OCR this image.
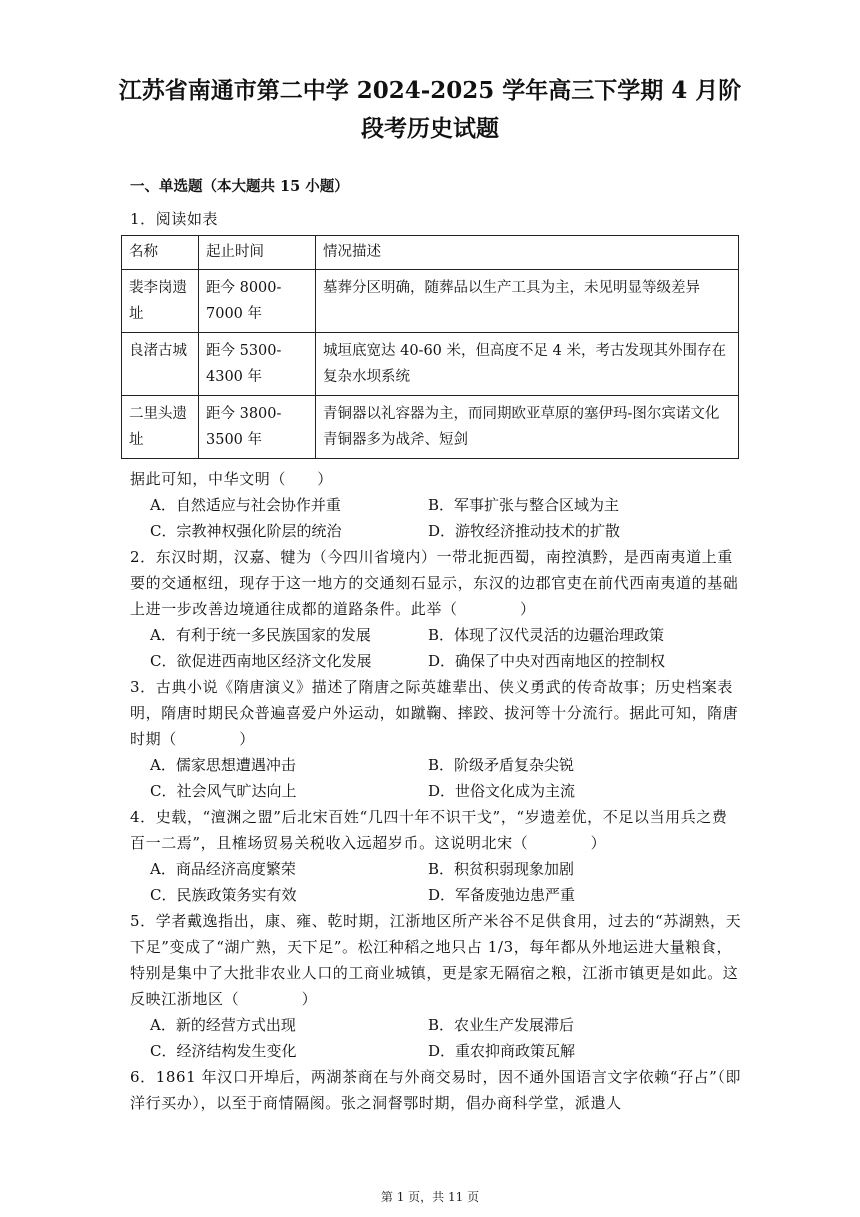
江苏省南通市第二中学 2024-2025 学年高三下学期 4 月阶
段考历史试题
一、单选题（本大题共 15 小题）
1．阅读如表
名称	起止时间	情况描述
裴李岗遗址	距今 8000-7000 年	墓葬分区明确，随葬品以生产工具为主，未见明显等级差异
良渚古城	距今 5300-4300 年	城垣底宽达 40-60 米，但高度不足 4 米，考古发现其外围存在复杂水坝系统
二里头遗址	距今 3800-3500 年	青铜器以礼容器为主，而同期欧亚草原的塞伊玛-图尔宾诺文化青铜器多为战斧、短剑
据此可知，中华文明（　　）
A．自然适应与社会协作并重	B．军事扩张与整合区域为主
C．宗教神权强化阶层的统治	D．游牧经济推动技术的扩散
2．东汉时期，汉嘉、犍为（今四川省境内）一带北扼西蜀，南控滇黔，是西南夷道上重要的交通枢纽，现存于这一地方的交通刻石显示，东汉的边郡官吏在前代西南夷道的基础上进一步改善边境通往成都的道路条件。此举（　　　　）
A．有利于统一多民族国家的发展	B．体现了汉代灵活的边疆治理政策
C．欲促进西南地区经济文化发展	D．确保了中央对西南地区的控制权
3．古典小说《隋唐演义》描述了隋唐之际英雄辈出、侠义勇武的传奇故事；历史档案表明，隋唐时期民众普遍喜爱户外运动，如蹴鞠、摔跤、拔河等十分流行。据此可知，隋唐时期（　　　　）
A．儒家思想遭遇冲击	B．阶级矛盾复杂尖锐
C．社会风气旷达向上	D．世俗文化成为主流
4．史载，“澶渊之盟”后北宋百姓“几四十年不识干戈”，“岁遗差优，不足以当用兵之费百一二焉”，且榷场贸易关税收入远超岁币。这说明北宋（　　　　）
A．商品经济高度繁荣	B．积贫积弱现象加剧
C．民族政策务实有效	D．军备废弛边患严重
5．学者戴逸指出，康、雍、乾时期，江浙地区所产米谷不足供食用，过去的“苏湖熟，天下足”变成了“湖广熟，天下足”。松江种稻之地只占 1/3，每年都从外地运进大量粮食，特别是集中了大批非农业人口的工商业城镇，更是家无隔宿之粮，江浙市镇更是如此。这反映江浙地区（　　　　）
A．新的经营方式出现	B．农业生产发展滞后
C．经济结构发生变化	D．重农抑商政策瓦解
6．1861 年汉口开埠后，两湖茶商在与外商交易时，因不通外国语言文字依赖“孖占”（即洋行买办），以至于商情隔阂。张之洞督鄂时期，倡办商科学堂，派遣人
第 1 页，共 11 页
